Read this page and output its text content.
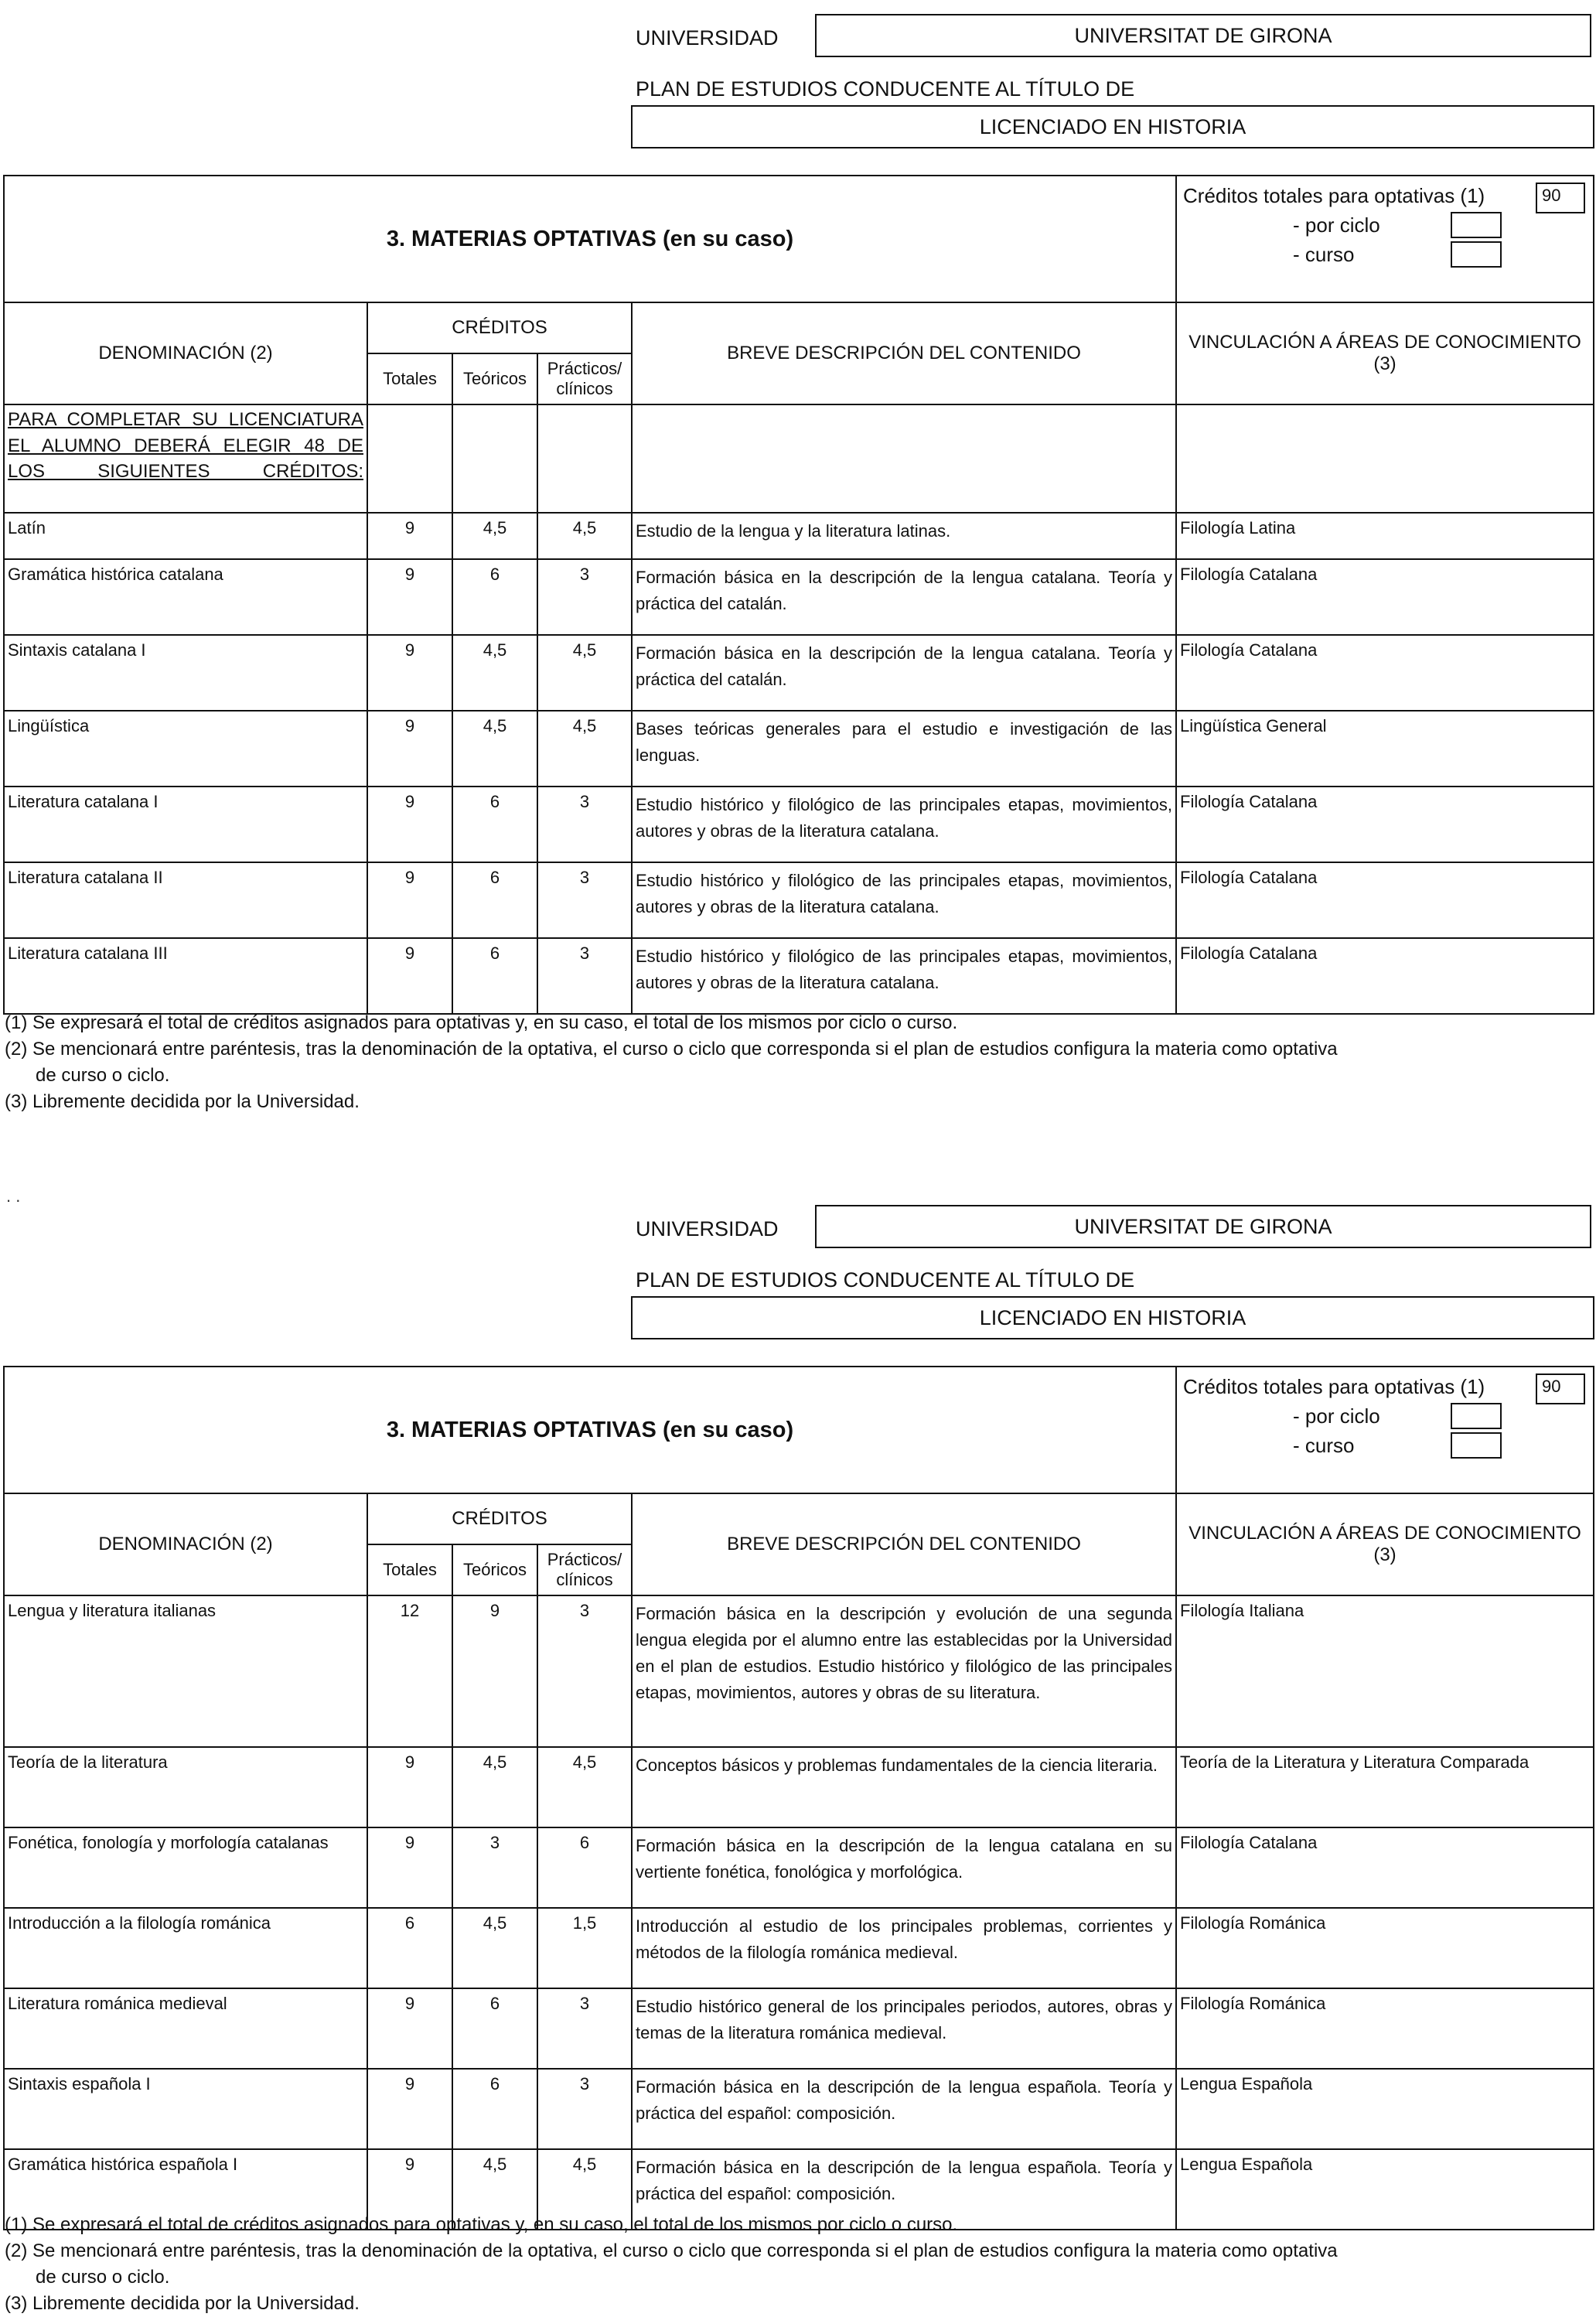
UNIVERSIDAD	UNIVERSITAT DE GIRONA
PLAN DE ESTUDIOS CONDUCENTE AL TÍTULO DE
LICENCIADO EN HISTORIA
3. MATERIAS OPTATIVAS (en su caso)					Créditos totales para optativas (1)
- por ciclo
- curso
90

DENOMINACIÓN (2)	CRÉDITOS			BREVE DESCRIPCIÓN DEL CONTENIDO	VINCULACIÓN A ÁREAS DE CONOCIMIENTO (3)
	Totales	Teóricos	Prácticos/ clínicos		
PARA COMPLETAR SU LICENCIATURA EL ALUMNO DEBERÁ ELEGIR 48 DE LOS SIGUIENTES CRÉDITOS:					
Latín	9	4,5	4,5	Estudio de la lengua y la literatura latinas.	Filología Latina
Gramática histórica catalana	9	6	3	Formación básica en la descripción de la lengua catalana. Teoría y práctica del catalán.	Filología Catalana
Sintaxis catalana I	9	4,5	4,5	Formación básica en la descripción de la lengua catalana. Teoría y práctica del catalán.	Filología Catalana
Lingüística	9	4,5	4,5	Bases teóricas generales para el estudio e investigación de las lenguas.	Lingüística General
Literatura catalana I	9	6	3	Estudio histórico y filológico de las principales etapas, movimientos, autores y obras de la literatura catalana.	Filología Catalana
Literatura catalana II	9	6	3	Estudio histórico y filológico de las principales etapas, movimientos, autores y obras de la literatura catalana.	Filología Catalana
Literatura catalana III	9	6	3	Estudio histórico y filológico de las principales etapas, movimientos, autores y obras de la literatura catalana.	Filología Catalana
(1) Se expresará el total de créditos asignados para optativas y, en su caso, el total de los mismos por ciclo o curso.
(2) Se mencionará entre paréntesis, tras la denominación de la optativa, el curso o ciclo que corresponda si el plan de estudios configura la materia como optativa
de curso o ciclo.
(3) Libremente decidida por la Universidad.
. .
UNIVERSIDAD	UNIVERSITAT DE GIRONA
PLAN DE ESTUDIOS CONDUCENTE AL TÍTULO DE
LICENCIADO EN HISTORIA
3. MATERIAS OPTATIVAS (en su caso)					Créditos totales para optativas (1)
- por ciclo
- curso
90

DENOMINACIÓN (2)	CRÉDITOS			BREVE DESCRIPCIÓN DEL CONTENIDO	VINCULACIÓN A ÁREAS DE CONOCIMIENTO (3)
	Totales	Teóricos	Prácticos/ clínicos		
Lengua y literatura italianas	12	9	3	Formación básica en la descripción y evolución de una segunda lengua elegida por el alumno entre las establecidas por la Universidad en el plan de estudios. Estudio histórico y filológico de las principales etapas, movimientos, autores y obras de su literatura.	Filología Italiana
Teoría de la literatura	9	4,5	4,5	Conceptos básicos y problemas fundamentales de la ciencia literaria.	Teoría de la Literatura y Literatura Comparada
Fonética, fonología y morfología catalanas	9	3	6	Formación básica en la descripción de la lengua catalana en su vertiente fonética, fonológica y morfológica.	Filología Catalana
Introducción a la filología románica	6	4,5	1,5	Introducción al estudio de los principales problemas, corrientes y métodos de la filología románica medieval.	Filología Románica
Literatura románica medieval	9	6	3	Estudio histórico general de los principales periodos, autores, obras y temas de la literatura románica medieval.	Filología Románica
Sintaxis española I	9	6	3	Formación básica en la descripción de la lengua española. Teoría y práctica del español: composición.	Lengua Española
Gramática histórica española I	9	4,5	4,5	Formación básica en la descripción de la lengua española. Teoría y práctica del español: composición.	Lengua Española
(1) Se expresará el total de créditos asignados para optativas y, en su caso, el total de los mismos por ciclo o curso.
(2) Se mencionará entre paréntesis, tras la denominación de la optativa, el curso o ciclo que corresponda si el plan de estudios configura la materia como optativa
de curso o ciclo.
(3) Libremente decidida por la Universidad.
